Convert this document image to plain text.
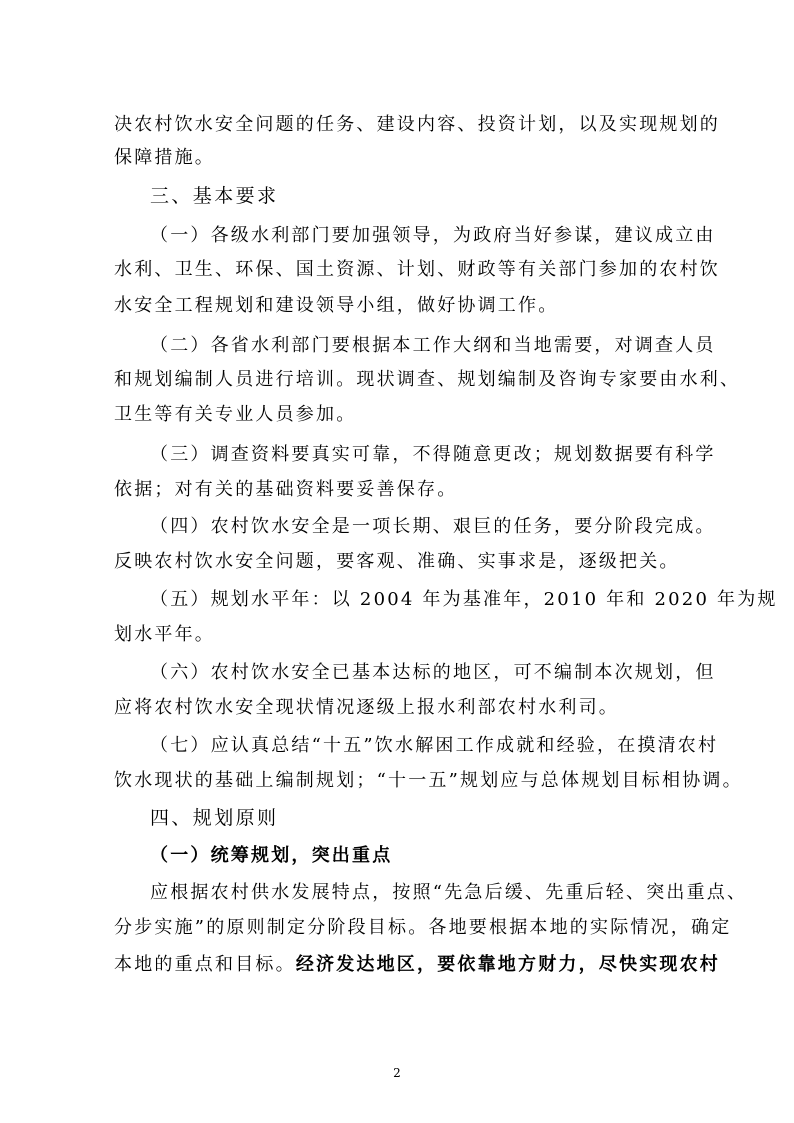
决农村饮水安全问题的任务、建设内容、投资计划，以及实现规划的
保障措施。
三、基本要求
（一）各级水利部门要加强领导，为政府当好参谋，建议成立由
水利、卫生、环保、国土资源、计划、财政等有关部门参加的农村饮
水安全工程规划和建设领导小组，做好协调工作。
（二）各省水利部门要根据本工作大纲和当地需要，对调查人员
和规划编制人员进行培训。现状调查、规划编制及咨询专家要由水利、
卫生等有关专业人员参加。
（三）调查资料要真实可靠，不得随意更改；规划数据要有科学
依据；对有关的基础资料要妥善保存。
（四）农村饮水安全是一项长期、艰巨的任务，要分阶段完成。
反映农村饮水安全问题，要客观、准确、实事求是，逐级把关。
（五）规划水平年：以 2004 年为基准年，2010 年和 2020 年为规
划水平年。
（六）农村饮水安全已基本达标的地区，可不编制本次规划，但
应将农村饮水安全现状情况逐级上报水利部农村水利司。
（七）应认真总结“十五”饮水解困工作成就和经验，在摸清农村
饮水现状的基础上编制规划；“十一五”规划应与总体规划目标相协调。
四、规划原则
（一）统筹规划，突出重点
应根据农村供水发展特点，按照“先急后缓、先重后轻、突出重点、
分步实施”的原则制定分阶段目标。各地要根据本地的实际情况，确定
本地的重点和目标。经济发达地区，要依靠地方财力，尽快实现农村
2
